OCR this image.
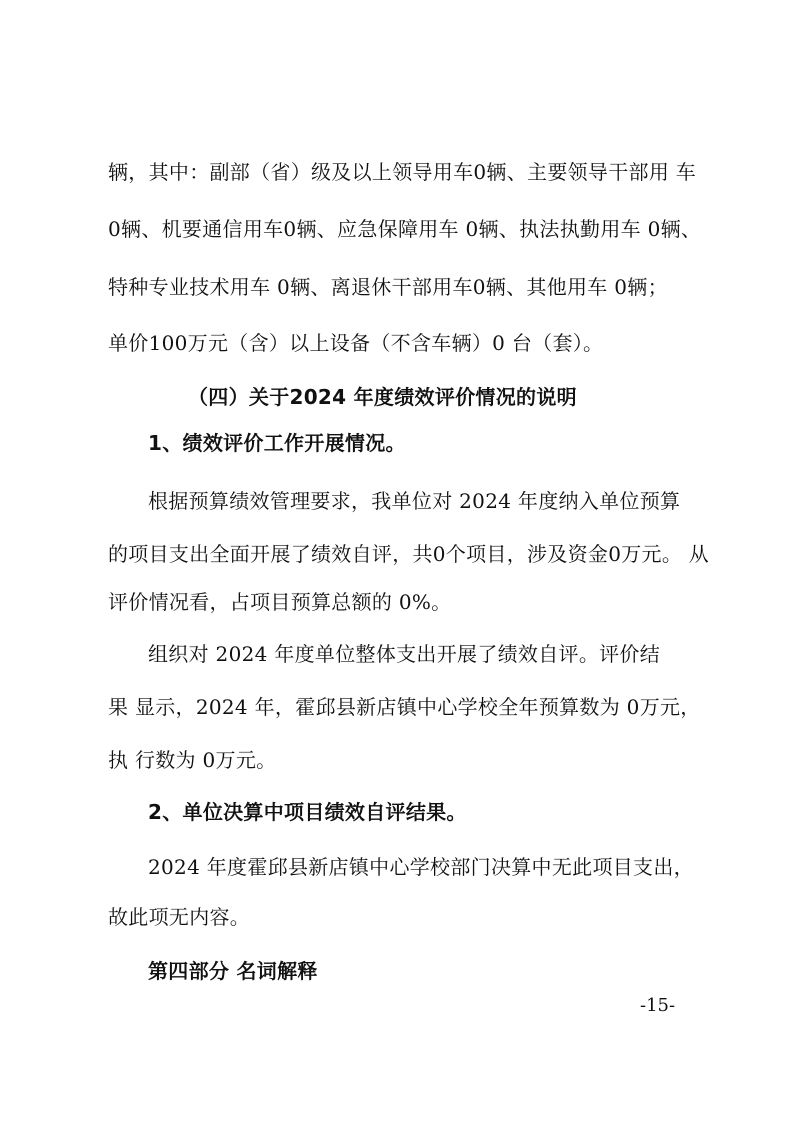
辆，其中：副部（省）级及以上领导用车0辆、主要领导干部用 车
0辆、机要通信用车0辆、应急保障用车 0辆、执法执勤用车 0辆、
特种专业技术用车 0辆、离退休干部用车0辆、其他用车 0辆；
单价100万元（含）以上设备（不含车辆）0 台（套）。
（四）关于2024 年度绩效评价情况的说明
1、绩效评价工作开展情况。
根据预算绩效管理要求，我单位对 2024 年度纳入单位预算
的项目支出全面开展了绩效自评，共0个项目，涉及资金0万元。 从
评价情况看，占项目预算总额的 0%。
组织对 2024 年度单位整体支出开展了绩效自评。评价结
果 显示，2024 年，霍邱县新店镇中心学校全年预算数为 0万元，
执 行数为 0万元。
2、单位决算中项目绩效自评结果。
2024 年度霍邱县新店镇中心学校部门决算中无此项目支出，
故此项无内容。
第四部分 名词解释
-15-
